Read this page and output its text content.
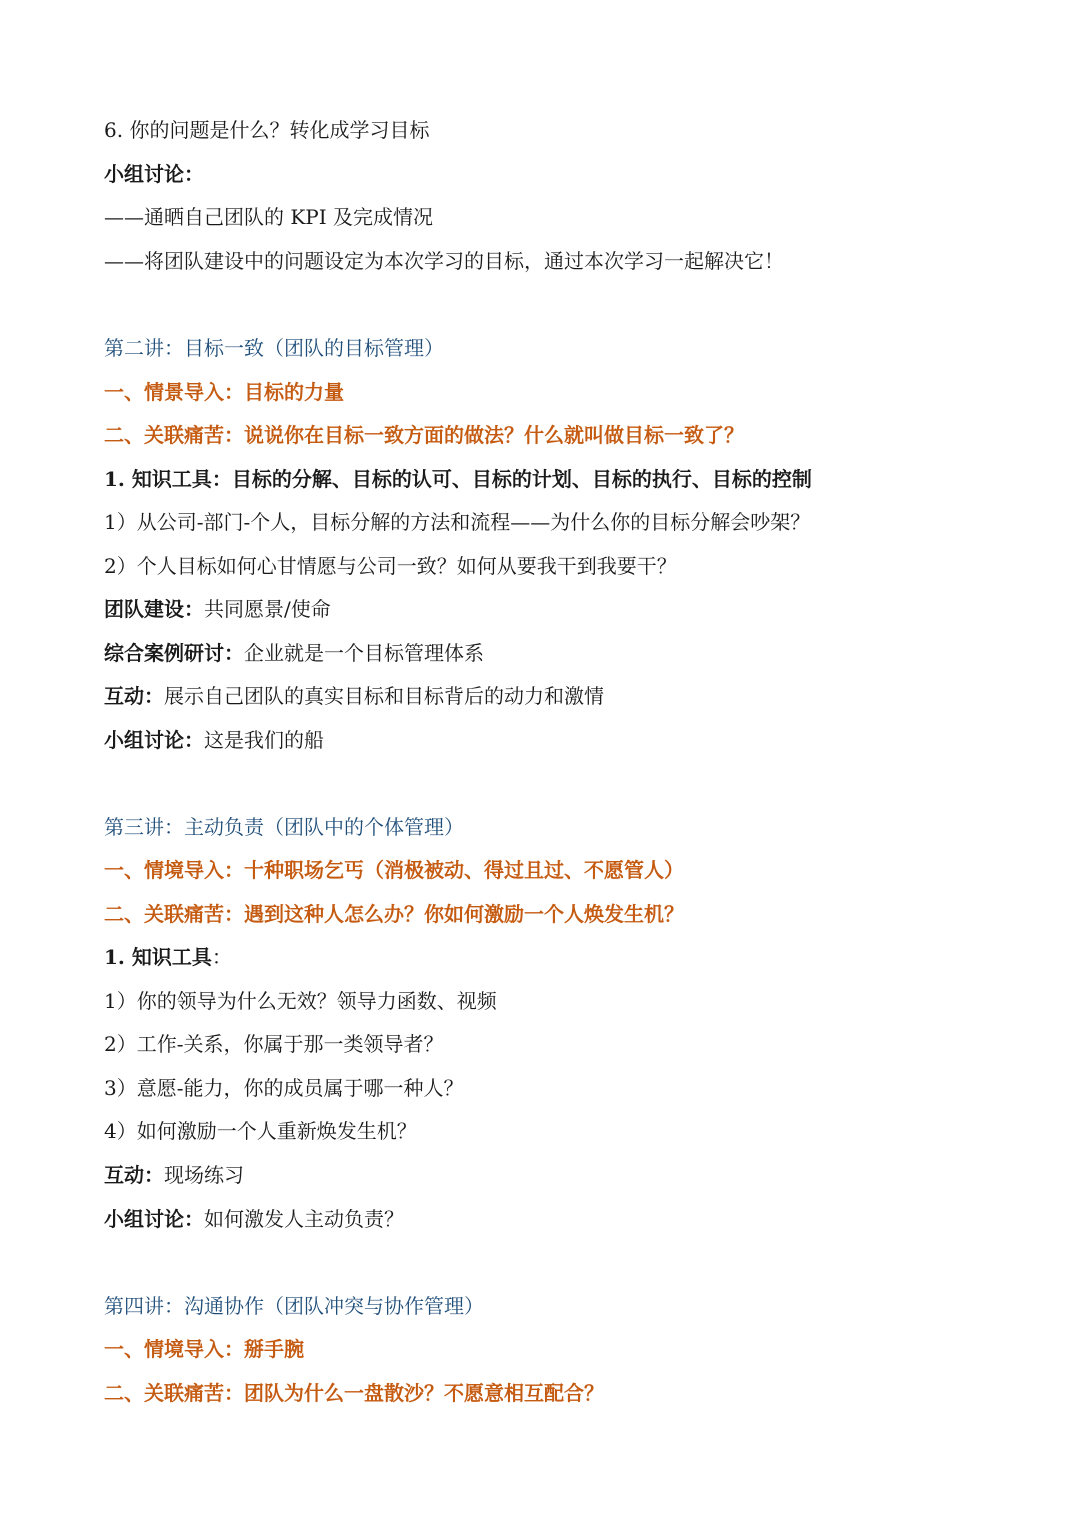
6. 你的问题是什么？转化成学习目标

小组讨论：

——通晒自己团队的 KPI 及完成情况

——将团队建设中的问题设定为本次学习的目标，通过本次学习一起解决它！

第二讲：目标一致（团队的目标管理）

一、情景导入：目标的力量

二、关联痛苦：说说你在目标一致方面的做法？什么就叫做目标一致了？

1. 知识工具：目标的分解、目标的认可、目标的计划、目标的执行、目标的控制

1）从公司-部门-个人，目标分解的方法和流程——为什么你的目标分解会吵架？

2）个人目标如何心甘情愿与公司一致？如何从要我干到我要干？

团队建设：共同愿景/使命

综合案例研讨：企业就是一个目标管理体系

互动：展示自己团队的真实目标和目标背后的动力和激情

小组讨论：这是我们的船

第三讲：主动负责（团队中的个体管理）

一、情境导入：十种职场乞丐（消极被动、得过且过、不愿管人）

二、关联痛苦：遇到这种人怎么办？你如何激励一个人焕发生机？

1. 知识工具：

1）你的领导为什么无效？领导力函数、视频

2）工作-关系，你属于那一类领导者？

3）意愿-能力，你的成员属于哪一种人？

4）如何激励一个人重新焕发生机？

互动：现场练习

小组讨论：如何激发人主动负责？

第四讲：沟通协作（团队冲突与协作管理）

一、情境导入：掰手腕

二、关联痛苦：团队为什么一盘散沙？不愿意相互配合？
